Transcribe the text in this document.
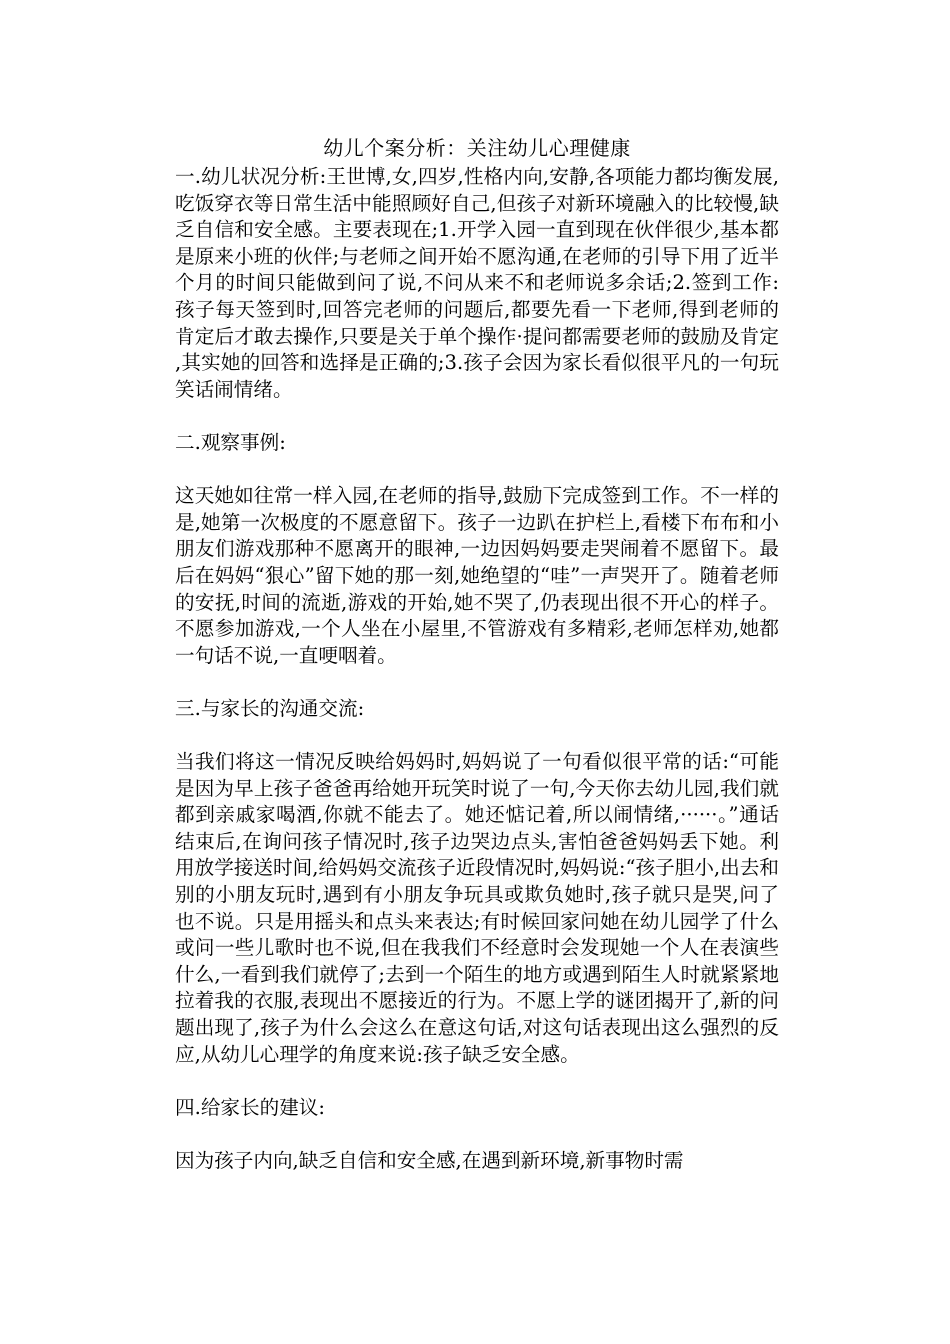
幼儿个案分析：关注幼儿心理健康

一.幼儿状况分析:王世博,女,四岁,性格内向,安静,各项能力都均衡发展,吃饭穿衣等日常生活中能照顾好自己,但孩子对新环境融入的比较慢,缺乏自信和安全感。主要表现在;1.开学入园一直到现在伙伴很少,基本都是原来小班的伙伴;与老师之间开始不愿沟通,在老师的引导下用了近半个月的时间只能做到问了说,不问从来不和老师说多余话;2.签到工作:孩子每天签到时,回答完老师的问题后,都要先看一下老师,得到老师的肯定后才敢去操作,只要是关于单个操作·提问都需要老师的鼓励及肯定,其实她的回答和选择是正确的;3.孩子会因为家长看似很平凡的一句玩笑话闹情绪。

二.观察事例:

这天她如往常一样入园,在老师的指导,鼓励下完成签到工作。不一样的是,她第一次极度的不愿意留下。孩子一边趴在护栏上,看楼下布布和小朋友们游戏那种不愿离开的眼神,一边因妈妈要走哭闹着不愿留下。最后在妈妈“狠心”留下她的那一刻,她绝望的“哇”一声哭开了。随着老师的安抚,时间的流逝,游戏的开始,她不哭了,仍表现出很不开心的样子。不愿参加游戏,一个人坐在小屋里,不管游戏有多精彩,老师怎样劝,她都一句话不说,一直哽咽着。

三.与家长的沟通交流:

当我们将这一情况反映给妈妈时,妈妈说了一句看似很平常的话:“可能是因为早上孩子爸爸再给她开玩笑时说了一句,今天你去幼儿园,我们就都到亲戚家喝酒,你就不能去了。她还惦记着,所以闹情绪,······。”通话结束后,在询问孩子情况时,孩子边哭边点头,害怕爸爸妈妈丢下她。利用放学接送时间,给妈妈交流孩子近段情况时,妈妈说:“孩子胆小,出去和别的小朋友玩时,遇到有小朋友争玩具或欺负她时,孩子就只是哭,问了也不说。只是用摇头和点头来表达;有时候回家问她在幼儿园学了什么或问一些儿歌时也不说,但在我我们不经意时会发现她一个人在表演些什么,一看到我们就停了;去到一个陌生的地方或遇到陌生人时就紧紧地拉着我的衣服,表现出不愿接近的行为。不愿上学的谜团揭开了,新的问题出现了,孩子为什么会这么在意这句话,对这句话表现出这么强烈的反应,从幼儿心理学的角度来说:孩子缺乏安全感。

四.给家长的建议:

因为孩子内向,缺乏自信和安全感,在遇到新环境,新事物时需
